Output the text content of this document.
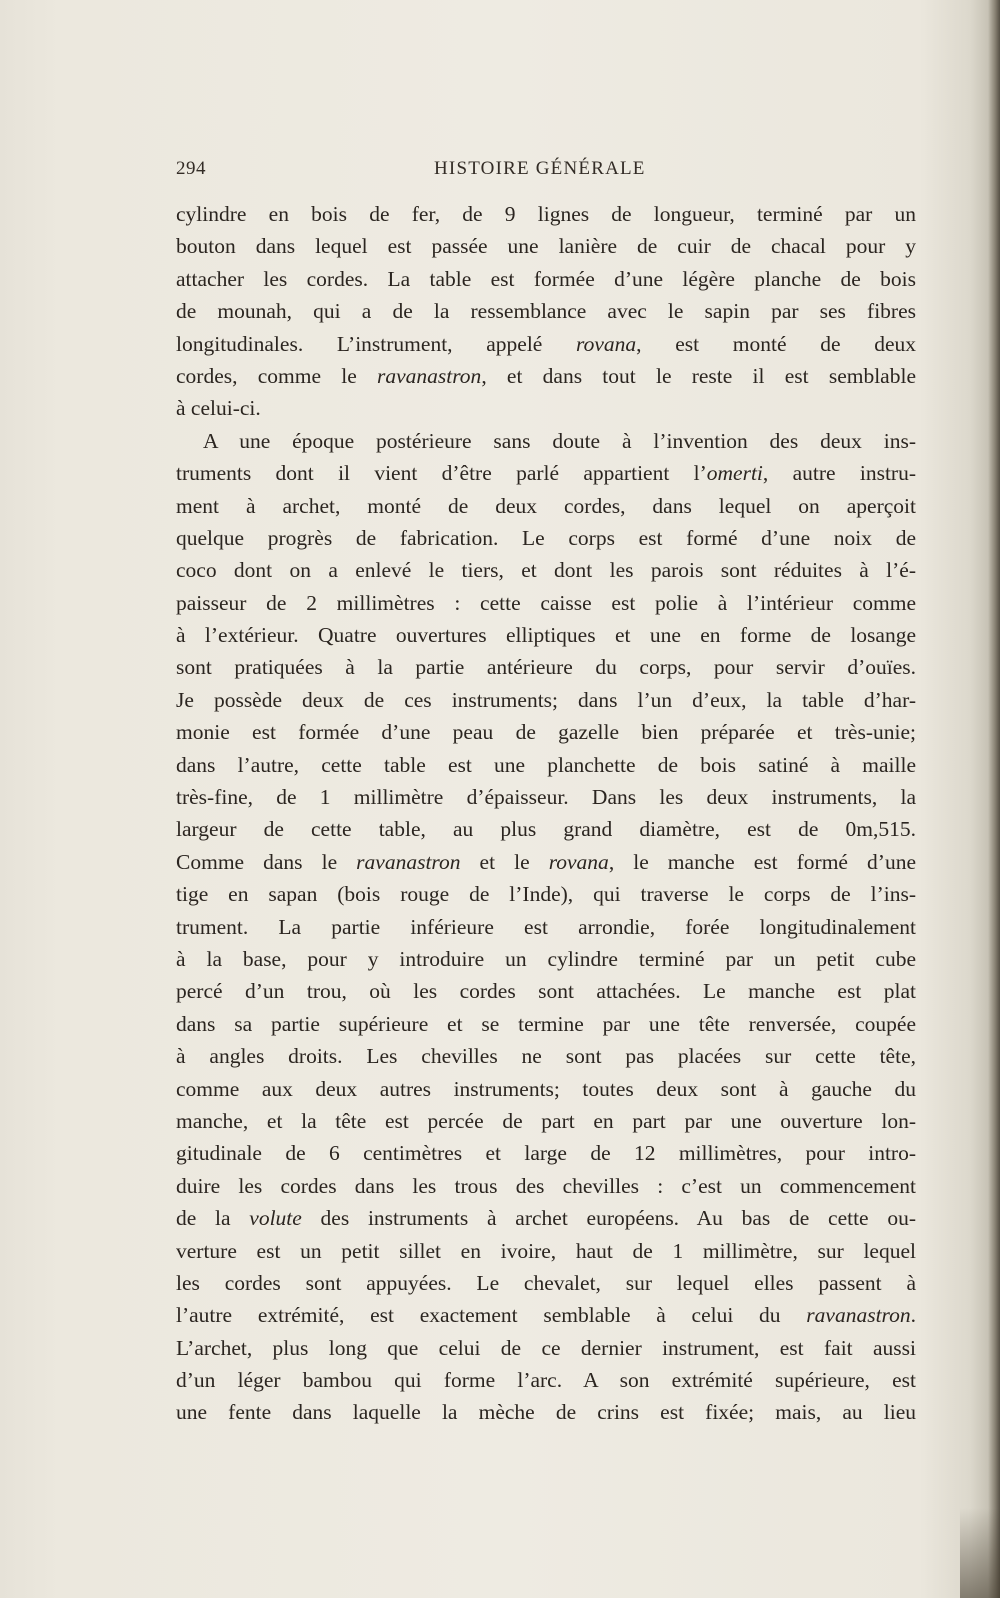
294	HISTOIRE GÉNÉRALE
cylindre en bois de fer, de 9 lignes de longueur, terminé par un
bouton dans lequel est passée une lanière de cuir de chacal pour y
attacher les cordes. La table est formée d’une légère planche de bois
de mounah, qui a de la ressemblance avec le sapin par ses fibres
longitudinales. L’instrument, appelé rovana, est monté de deux
cordes, comme le ravanastron, et dans tout le reste il est semblable
à celui-ci.
A une époque postérieure sans doute à l’invention des deux ins-
truments dont il vient d’être parlé appartient l’omerti, autre instru-
ment à archet, monté de deux cordes, dans lequel on aperçoit
quelque progrès de fabrication. Le corps est formé d’une noix de
coco dont on a enlevé le tiers, et dont les parois sont réduites à l’é-
paisseur de 2 millimètres : cette caisse est polie à l’intérieur comme
à l’extérieur. Quatre ouvertures elliptiques et une en forme de losange
sont pratiquées à la partie antérieure du corps, pour servir d’ouïes.
Je possède deux de ces instruments; dans l’un d’eux, la table d’har-
monie est formée d’une peau de gazelle bien préparée et très-unie;
dans l’autre, cette table est une planchette de bois satiné à maille
très-fine, de 1 millimètre d’épaisseur. Dans les deux instruments, la
largeur de cette table, au plus grand diamètre, est de 0m,515.
Comme dans le ravanastron et le rovana, le manche est formé d’une
tige en sapan (bois rouge de l’Inde), qui traverse le corps de l’ins-
trument. La partie inférieure est arrondie, forée longitudinalement
à la base, pour y introduire un cylindre terminé par un petit cube
percé d’un trou, où les cordes sont attachées. Le manche est plat
dans sa partie supérieure et se termine par une tête renversée, coupée
à angles droits. Les chevilles ne sont pas placées sur cette tête,
comme aux deux autres instruments; toutes deux sont à gauche du
manche, et la tête est percée de part en part par une ouverture lon-
gitudinale de 6 centimètres et large de 12 millimètres, pour intro-
duire les cordes dans les trous des chevilles : c’est un commencement
de la volute des instruments à archet européens. Au bas de cette ou-
verture est un petit sillet en ivoire, haut de 1 millimètre, sur lequel
les cordes sont appuyées. Le chevalet, sur lequel elles passent à
l’autre extrémité, est exactement semblable à celui du ravanastron.
L’archet, plus long que celui de ce dernier instrument, est fait aussi
d’un léger bambou qui forme l’arc. A son extrémité supérieure, est
une fente dans laquelle la mèche de crins est fixée; mais, au lieu
